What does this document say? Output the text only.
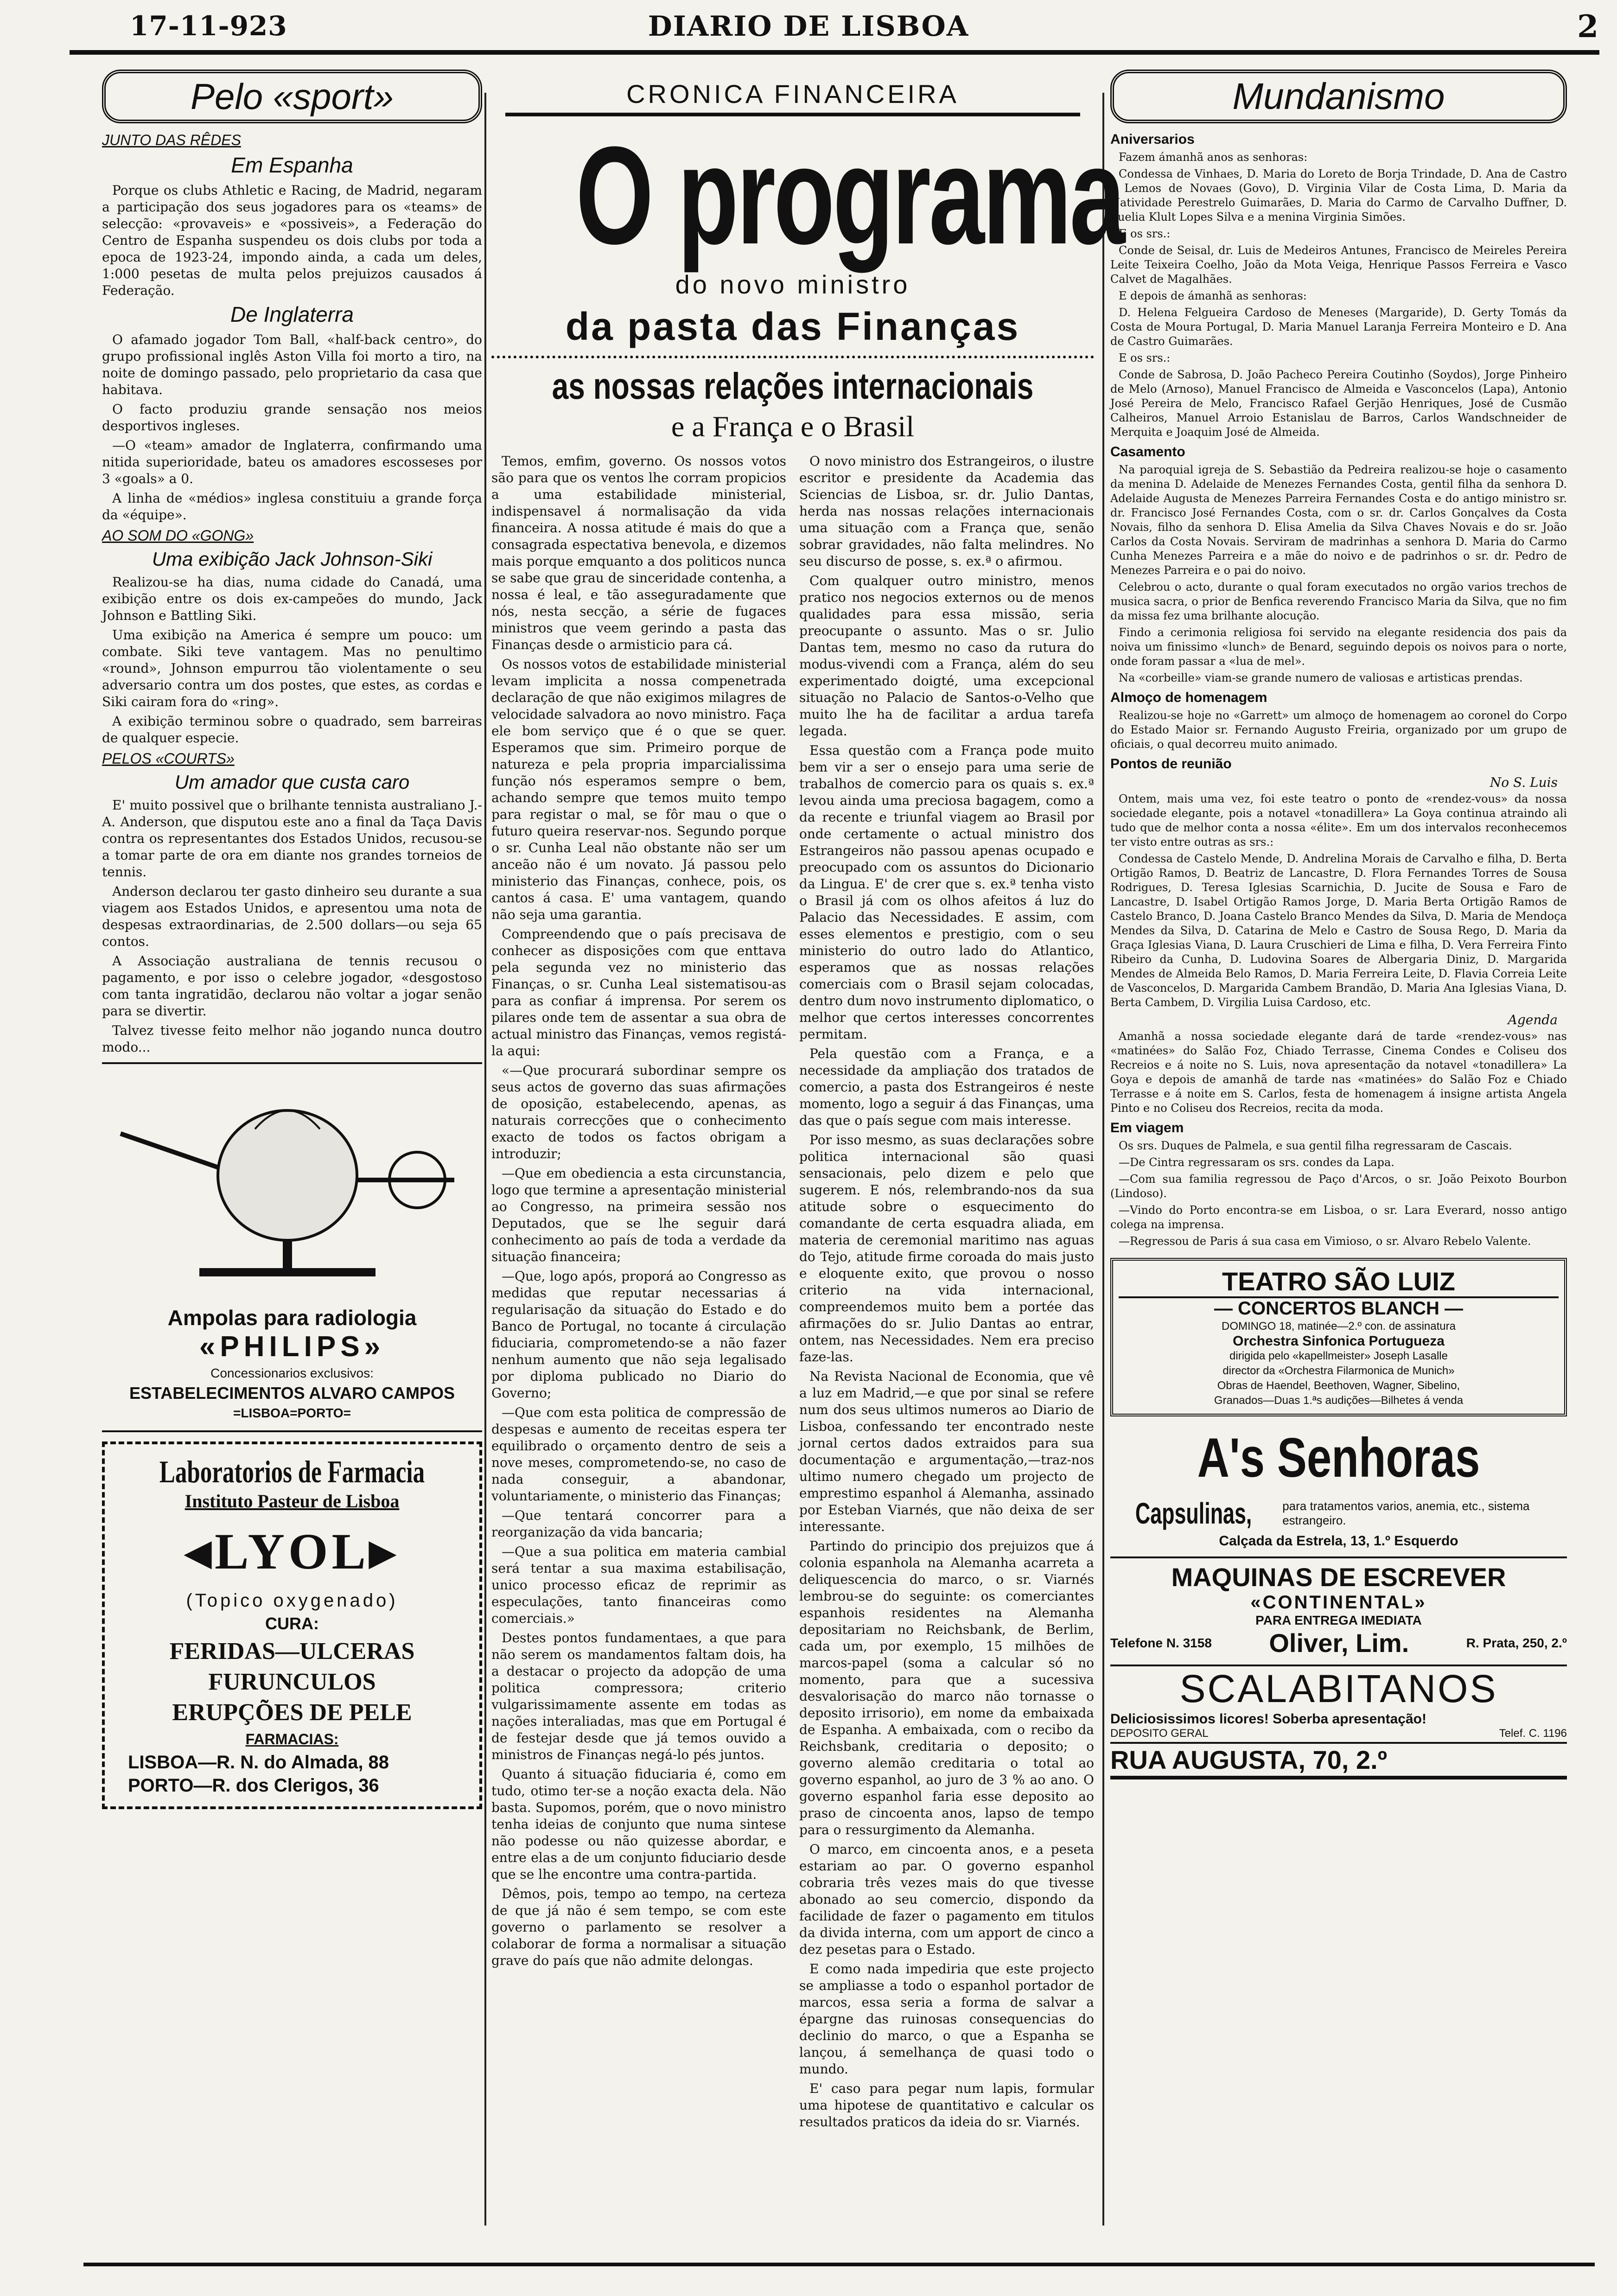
17-11-923	DIARIO DE LISBOA	2
Pelo «sport»
JUNTO DAS RÊDES
Em Espanha

Porque os clubs Athletic e Racing, de Madrid, negaram a participação dos seus jogadores para os «teams» de selecção: «provaveis» e «possiveis», a Federação do Centro de Espanha suspendeu os dois clubs por toda a epoca de 1923-24, impondo ainda, a cada um deles, 1:000 pesetas de multa pelos prejuizos causados á Federação.

De Inglaterra

O afamado jogador Tom Ball, «half-back centro», do grupo profissional inglês Aston Villa foi morto a tiro, na noite de domingo passado, pelo proprietario da casa que habitava.

O facto produziu grande sensação nos meios desportivos ingleses.

—O «team» amador de Inglaterra, confirmando uma nitida superioridade, bateu os amadores escosseses por 3 «goals» a 0.

A linha de «médios» inglesa constituiu a grande força da «équipe».

AO SOM DO «GONG»
Uma exibição Jack Johnson-Siki

Realizou-se ha dias, numa cidade do Canadá, uma exibição entre os dois ex-campeões do mundo, Jack Johnson e Battling Siki.

Uma exibição na America é sempre um pouco: um combate. Siki teve vantagem. Mas no penultimo «round», Johnson empurrou tão violentamente o seu adversario contra um dos postes, que estes, as cordas e Siki cairam fora do «ring».

A exibição terminou sobre o quadrado, sem barreiras de qualquer especie.

PELOS «COURTS»
Um amador que custa caro

E' muito possivel que o brilhante tennista australiano J.-A. Anderson, que disputou este ano a final da Taça Davis contra os representantes dos Estados Unidos, recusou-se a tomar parte de ora em diante nos grandes torneios de tennis.

Anderson declarou ter gasto dinheiro seu durante a sua viagem aos Estados Unidos, e apresentou uma nota de despesas extraordinarias, de 2.500 dollars—ou seja 65 contos.

A Associação australiana de tennis recusou o pagamento, e por isso o celebre jogador, «desgostoso com tanta ingratidão, declarou não voltar a jogar senão para se divertir.

Talvez tivesse feito melhor não jogando nunca doutro modo...

Ampolas para radiologia
«PHILIPS»
Concessionarios exclusivos:
ESTABELECIMENTOS ALVARO CAMPOS
=LISBOA=PORTO=
Laboratorios de Farmacia
Instituto Pasteur de Lisboa
◂LYOL▸
(Topico oxygenado)
CURA:
FERIDAS—ULCERAS
FURUNCULOS
ERUPÇÕES DE PELE
FARMACIAS:
LISBOA—R. N. do Almada, 88
PORTO—R. dos Clerigos, 36
CRONICA FINANCEIRA
O programa
do novo ministro
da pasta das Finanças
as nossas relações internacionais
e a França e o Brasil

Temos, emfim, governo. Os nossos votos são para que os ventos lhe corram propicios a uma estabilidade ministerial, indispensavel á normalisação da vida financeira. A nossa atitude é mais do que a consagrada espectativa benevola, e dizemos mais porque emquanto a dos politicos nunca se sabe que grau de sinceridade contenha, a nossa é leal, e tão asseguradamente que nós, nesta secção, a série de fugaces ministros que veem gerindo a pasta das Finanças desde o armisticio para cá.

Os nossos votos de estabilidade ministerial levam implicita a nossa compenetrada declaração de que não exigimos milagres de velocidade salvadora ao novo ministro. Faça ele bom serviço que é o que se quer. Esperamos que sim. Primeiro porque de natureza e pela propria imparcialissima função nós esperamos sempre o bem, achando sempre que temos muito tempo para registar o mal, se fôr mau o que o futuro queira reservar-nos. Segundo porque o sr. Cunha Leal não obstante não ser um anceão não é um novato. Já passou pelo ministerio das Finanças, conhece, pois, os cantos á casa. E' uma vantagem, quando não seja uma garantia.

Compreendendo que o país precisava de conhecer as disposições com que enttava pela segunda vez no ministerio das Finanças, o sr. Cunha Leal sistematisou-as para as confiar á imprensa. Por serem os pilares onde tem de assentar a sua obra de actual ministro das Finanças, vemos registá-la aqui:

«—Que procurará subordinar sempre os seus actos de governo das suas afirmações de oposição, estabelecendo, apenas, as naturais correcções que o conhecimento exacto de todos os factos obrigam a introduzir;

—Que em obediencia a esta circunstancia, logo que termine a apresentação ministerial ao Congresso, na primeira sessão nos Deputados, que se lhe seguir dará conhecimento ao país de toda a verdade da situação financeira;

—Que, logo após, proporá ao Congresso as medidas que reputar necessarias á regularisação da situação do Estado e do Banco de Portugal, no tocante á circulação fiduciaria, comprometendo-se a não fazer nenhum aumento que não seja legalisado por diploma publicado no Diario do Governo;

—Que com esta politica de compressão de despesas e aumento de receitas espera ter equilibrado o orçamento dentro de seis a nove meses, comprometendo-se, no caso de nada conseguir, a abandonar, voluntariamente, o ministerio das Finanças;

—Que tentará concorrer para a reorganização da vida bancaria;

—Que a sua politica em materia cambial será tentar a sua maxima estabilisação, unico processo eficaz de reprimir as especulações, tanto financeiras como comerciais.»

Destes pontos fundamentaes, a que para não serem os mandamentos faltam dois, ha a destacar o projecto da adopção de uma politica compressora; criterio vulgarissimamente assente em todas as nações interaliadas, mas que em Portugal é de festejar desde que já temos ouvido a ministros de Finanças negá-lo pés juntos.

Quanto á situação fiduciaria é, como em tudo, otimo ter-se a noção exacta dela. Não basta. Supomos, porém, que o novo ministro tenha ideias de conjunto que numa sintese não podesse ou não quizesse abordar, e entre elas a de um conjunto fiduciario desde que se lhe encontre uma contra-partida.

Dêmos, pois, tempo ao tempo, na certeza de que já não é sem tempo, se com este governo o parlamento se resolver a colaborar de forma a normalisar a situação grave do país que não admite delongas.

O novo ministro dos Estrangeiros, o ilustre escritor e presidente da Academia das Sciencias de Lisboa, sr. dr. Julio Dantas, herda nas nossas relações internacionais uma situação com a França que, senão sobrar gravidades, não falta melindres. No seu discurso de posse, s. ex.ª o afirmou.

Com qualquer outro ministro, menos pratico nos negocios externos ou de menos qualidades para essa missão, seria preocupante o assunto. Mas o sr. Julio Dantas tem, mesmo no caso da rutura do modus-vivendi com a França, além do seu experimentado doigté, uma excepcional situação no Palacio de Santos-o-Velho que muito lhe ha de facilitar a ardua tarefa legada.

Essa questão com a França pode muito bem vir a ser o ensejo para uma serie de trabalhos de comercio para os quais s. ex.ª levou ainda uma preciosa bagagem, como a da recente e triunfal viagem ao Brasil por onde certamente o actual ministro dos Estrangeiros não passou apenas ocupado e preocupado com os assuntos do Dicionario da Lingua. E' de crer que s. ex.ª tenha visto o Brasil já com os olhos afeitos á luz do Palacio das Necessidades. E assim, com esses elementos e prestigio, com o seu ministerio do outro lado do Atlantico, esperamos que as nossas relações comerciais com o Brasil sejam colocadas, dentro dum novo instrumento diplomatico, o melhor que certos interesses concorrentes permitam.

Pela questão com a França, e a necessidade da ampliação dos tratados de comercio, a pasta dos Estrangeiros é neste momento, logo a seguir á das Finanças, uma das que o país segue com mais interesse.

Por isso mesmo, as suas declarações sobre politica internacional são quasi sensacionais, pelo dizem e pelo que sugerem. E nós, relembrando-nos da sua atitude sobre o esquecimento do comandante de certa esquadra aliada, em materia de ceremonial maritimo nas aguas do Tejo, atitude firme coroada do mais justo e eloquente exito, que provou o nosso criterio na vida internacional, compreendemos muito bem a portée das afirmações do sr. Julio Dantas ao entrar, ontem, nas Necessidades. Nem era preciso faze-las.

Na Revista Nacional de Economia, que vê a luz em Madrid,—e que por sinal se refere num dos seus ultimos numeros ao Diario de Lisboa, confessando ter encontrado neste jornal certos dados extraidos para sua documentação e argumentação,—traz-nos ultimo numero chegado um projecto de emprestimo espanhol á Alemanha, assinado por Esteban Viarnés, que não deixa de ser interessante.

Partindo do principio dos prejuizos que á colonia espanhola na Alemanha acarreta a deliquescencia do marco, o sr. Viarnés lembrou-se do seguinte: os comerciantes espanhois residentes na Alemanha depositariam no Reichsbank, de Berlim, cada um, por exemplo, 15 milhões de marcos-papel (soma a calcular só no momento, para que a sucessiva desvalorisação do marco não tornasse o deposito irrisorio), em nome da embaixada de Espanha. A embaixada, com o recibo da Reichsbank, creditaria o deposito; o governo alemão creditaria o total ao governo espanhol, ao juro de 3 % ao ano. O governo espanhol faria esse deposito ao praso de cincoenta anos, lapso de tempo para o ressurgimento da Alemanha.

O marco, em cincoenta anos, e a peseta estariam ao par. O governo espanhol cobraria três vezes mais do que tivesse abonado ao seu comercio, dispondo da facilidade de fazer o pagamento em titulos da divida interna, com um apport de cinco a dez pesetas para o Estado.

E como nada impediria que este projecto se ampliasse a todo o espanhol portador de marcos, essa seria a forma de salvar a épargne das ruinosas consequencias do declinio do marco, o que a Espanha se lançou, á semelhança de quasi todo o mundo.

E' caso para pegar num lapis, formular uma hipotese de quantitativo e calcular os resultados praticos da ideia do sr. Viarnés.

Mundanismo
Aniversarios

Fazem ámanhã anos as senhoras:

Condessa de Vinhaes, D. Maria do Loreto de Borja Trindade, D. Ana de Castro e Lemos de Novaes (Govo), D. Virginia Vilar de Costa Lima, D. Maria da Natividade Perestrelo Guimarães, D. Maria do Carmo de Carvalho Duffner, D. Luelia Klult Lopes Silva e a menina Virginia Simões.

E os srs.:

Conde de Seisal, dr. Luis de Medeiros Antunes, Francisco de Meireles Pereira Leite Teixeira Coelho, João da Mota Veiga, Henrique Passos Ferreira e Vasco Calvet de Magalhães.

E depois de ámanhã as senhoras:

D. Helena Felgueira Cardoso de Meneses (Margaride), D. Gerty Tomás da Costa de Moura Portugal, D. Maria Manuel Laranja Ferreira Monteiro e D. Ana de Castro Guimarães.

E os srs.:

Conde de Sabrosa, D. João Pacheco Pereira Coutinho (Soydos), Jorge Pinheiro de Melo (Arnoso), Manuel Francisco de Almeida e Vasconcelos (Lapa), Antonio José Pereira de Melo, Francisco Rafael Gerjão Henriques, José de Cusmão Calheiros, Manuel Arroio Estanislau de Barros, Carlos Wandschneider de Merquita e Joaquim José de Almeida.

Casamento

Na paroquial igreja de S. Sebastião da Pedreira realizou-se hoje o casamento da menina D. Adelaide de Menezes Fernandes Costa, gentil filha da senhora D. Adelaide Augusta de Menezes Parreira Fernandes Costa e do antigo ministro sr. dr. Francisco José Fernandes Costa, com o sr. dr. Carlos Gonçalves da Costa Novais, filho da senhora D. Elisa Amelia da Silva Chaves Novais e do sr. João Carlos da Costa Novais. Serviram de madrinhas a senhora D. Maria do Carmo Cunha Menezes Parreira e a mãe do noivo e de padrinhos o sr. dr. Pedro de Menezes Parreira e o pai do noivo.

Celebrou o acto, durante o qual foram executados no orgão varios trechos de musica sacra, o prior de Benfica reverendo Francisco Maria da Silva, que no fim da missa fez uma brilhante alocução.

Findo a cerimonia religiosa foi servido na elegante residencia dos pais da noiva um finissimo «lunch» de Benard, seguindo depois os noivos para o norte, onde foram passar a «lua de mel».

Na «corbeille» viam-se grande numero de valiosas e artisticas prendas.

Almoço de homenagem

Realizou-se hoje no «Garrett» um almoço de homenagem ao coronel do Corpo do Estado Maior sr. Fernando Augusto Freiria, organizado por um grupo de oficiais, o qual decorreu muito animado.

Pontos de reunião
No S. Luis

Ontem, mais uma vez, foi este teatro o ponto de «rendez-vous» da nossa sociedade elegante, pois a notavel «tonadillera» La Goya continua atraindo ali tudo que de melhor conta a nossa «élite». Em um dos intervalos reconhecemos ter visto entre outras as srs.:

Condessa de Castelo Mende, D. Andrelina Morais de Carvalho e filha, D. Berta Ortigão Ramos, D. Beatriz de Lancastre, D. Flora Fernandes Torres de Sousa Rodrigues, D. Teresa Iglesias Scarnichia, D. Jucite de Sousa e Faro de Lancastre, D. Isabel Ortigão Ramos Jorge, D. Maria Berta Ortigão Ramos de Castelo Branco, D. Joana Castelo Branco Mendes da Silva, D. Maria de Mendoça Mendes da Silva, D. Catarina de Melo e Castro de Sousa Rego, D. Maria da Graça Iglesias Viana, D. Laura Cruschieri de Lima e filha, D. Vera Ferreira Finto Ribeiro da Cunha, D. Ludovina Soares de Albergaria Diniz, D. Margarida Mendes de Almeida Belo Ramos, D. Maria Ferreira Leite, D. Flavia Correia Leite de Vasconcelos, D. Margarida Cambem Brandão, D. Maria Ana Iglesias Viana, D. Berta Cambem, D. Virgilia Luisa Cardoso, etc.

Agenda

Amanhã a nossa sociedade elegante dará de tarde «rendez-vous» nas «matinées» do Salão Foz, Chiado Terrasse, Cinema Condes e Coliseu dos Recreios e á noite no S. Luis, nova apresentação da notavel «tonadillera» La Goya e depois de amanhã de tarde nas «matinées» do Salão Foz e Chiado Terrasse e á noite em S. Carlos, festa de homenagem á insigne artista Angela Pinto e no Coliseu dos Recreios, recita da moda.

Em viagem

Os srs. Duques de Palmela, e sua gentil filha regressaram de Cascais.

—De Cintra regressaram os srs. condes da Lapa.

—Com sua familia regressou de Paço d'Arcos, o sr. João Peixoto Bourbon (Lindoso).

—Vindo do Porto encontra-se em Lisboa, o sr. Lara Everard, nosso antigo colega na imprensa.

—Regressou de Paris á sua casa em Vimioso, o sr. Alvaro Rebelo Valente.

TEATRO SÃO LUIZ
— CONCERTOS BLANCH —
DOMINGO 18, matinée—2.º con. de assinatura
Orchestra Sinfonica Portugueza
dirigida pelo «kapellmeister» Joseph Lasalle
director da «Orchestra Filarmonica de Munich»
Obras de Haendel, Beethoven, Wagner, Sibelino,
Granados—Duas 1.ªs audições—Bilhetes á venda
A's Senhoras
Capsulinas,	para tratamentos varios, anemia, etc., sistema estrangeiro.
Calçada da Estrela, 13, 1.º Esquerdo
MAQUINAS DE ESCREVER
«CONTINENTAL»
PARA ENTREGA IMEDIATA
Telefone N. 3158 Oliver, Lim.	R. Prata, 250, 2.º
SCALABITANOS
Deliciosissimos licores! Soberba apresentação!
DEPOSITO GERAL	Telef. C. 1196
RUA AUGUSTA, 70, 2.º
